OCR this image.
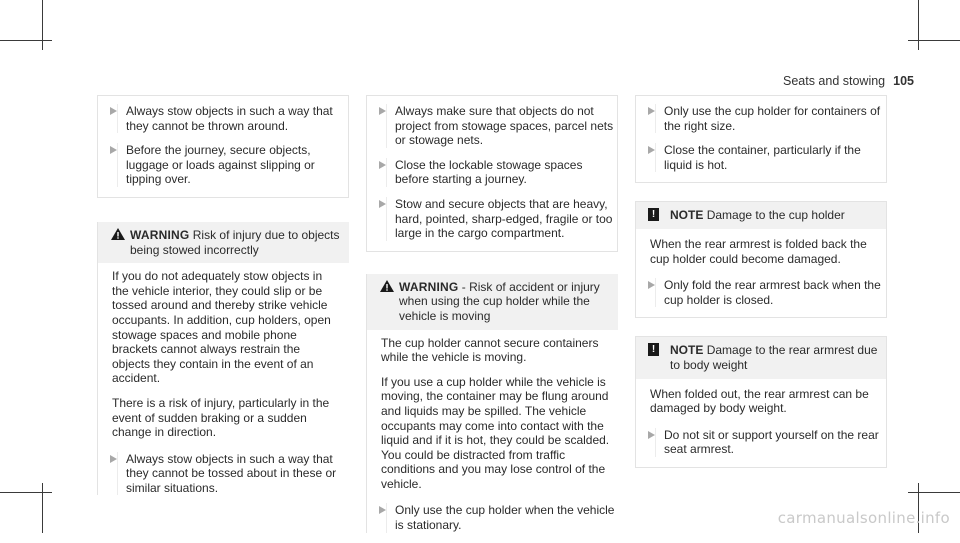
Seats and stowing 105
Always stow objects in such a way that they cannot be thrown around.
Before the journey, secure objects, luggage or loads against slipping or tipping over.
WARNING Risk of injury due to objects being stowed incorrectly

If you do not adequately stow objects in the vehicle interior, they could slip or be tossed around and thereby strike vehicle occupants. In addition, cup holders, open stowage spaces and mobile phone brackets cannot always restrain the objects they contain in the event of an accident.

There is a risk of injury, particularly in the event of sudden braking or a sudden change in direction.

Always stow objects in such a way that they cannot be tossed about in these or similar situations.
Always make sure that objects do not project from stowage spaces, parcel nets or stowage nets.
Close the lockable stowage spaces before starting a journey.
Stow and secure objects that are heavy, hard, pointed, sharp-edged, fragile or too large in the cargo compartment.
WARNING - Risk of accident or injury when using the cup holder while the vehicle is moving

The cup holder cannot secure containers while the vehicle is moving.

If you use a cup holder while the vehicle is moving, the container may be flung around and liquids may be spilled. The vehicle occupants may come into contact with the liquid and if it is hot, they could be scalded. You could be distracted from traffic conditions and you may lose control of the vehicle.

Only use the cup holder when the vehicle is stationary.
Only use the cup holder for containers of the right size.
Close the container, particularly if the liquid is hot.
!	NOTE Damage to the cup holder

When the rear armrest is folded back the cup holder could become damaged.

Only fold the rear armrest back when the cup holder is closed.
!	NOTE Damage to the rear armrest due to body weight

When folded out, the rear armrest can be damaged by body weight.

Do not sit or support yourself on the rear seat armrest.
carmanualsonline.info
